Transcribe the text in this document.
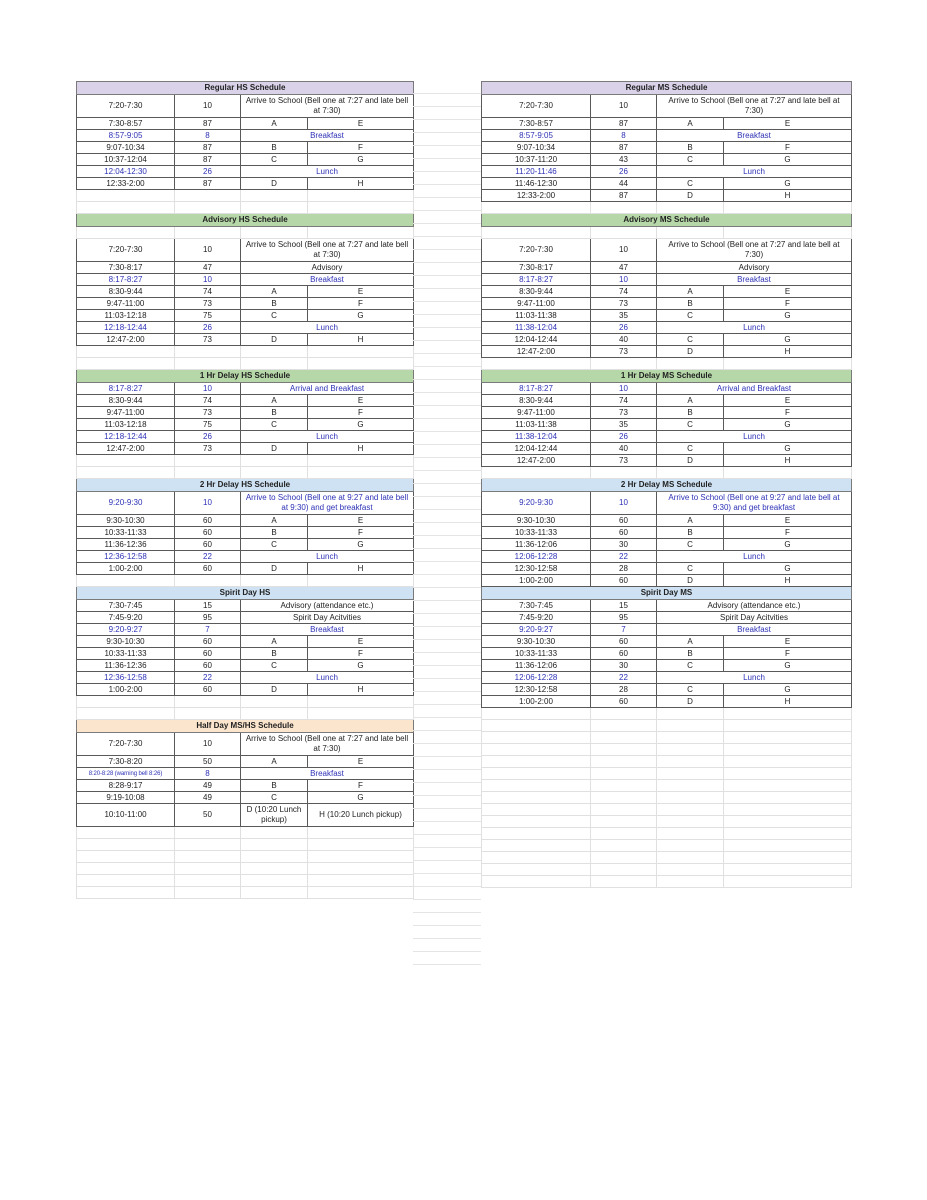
Regular HS Schedule			
7:20-7:30	10	Arrive to School (Bell one at 7:27 and late bell at 7:30)	
7:30-8:57	87	A	E
8:57-9:05	8	Breakfast	
9:07-10:34	87	B	F
10:37-12:04	87	C	G
12:04-12:30	26	Lunch	
12:33-2:00	87	D	H

Advisory HS Schedule			

7:20-7:30	10	Arrive to School (Bell one at 7:27 and late bell at 7:30)	
7:30-8:17	47	Advisory	
8:17-8:27	10	Breakfast	
8:30-9:44	74	A	E
9:47-11:00	73	B	F
11:03-12:18	75	C	G
12:18-12:44	26	Lunch	
12:47-2:00	73	D	H

1 Hr Delay HS Schedule			
8:17-8:27	10	Arrival and Breakfast	
8:30-9:44	74	A	E
9:47-11:00	73	B	F
11:03-12:18	75	C	G
12:18-12:44	26	Lunch	
12:47-2:00	73	D	H

2 Hr Delay HS Schedule			
9:20-9:30	10	Arrive to School (Bell one at 9:27 and late bell at 9:30) and get breakfast	
9:30-10:30	60	A	E
10:33-11:33	60	B	F
11:36-12:36	60	C	G
12:36-12:58	22	Lunch	
1:00-2:00	60	D	H

Spirit Day HS			
7:30-7:45	15	Advisory (attendance etc.)	
7:45-9:20	95	Spirit Day Acitvities	
9:20-9:27	7	Breakfast	
9:30-10:30	60	A	E
10:33-11:33	60	B	F
11:36-12:36	60	C	G
12:36-12:58	22	Lunch	
1:00-2:00	60	D	H

Half Day MS/HS Schedule			
7:20-7:30	10	Arrive to School (Bell one at 7:27 and late bell at 7:30)	
7:30-8:20	50	A	E
8:20-8:28 (warning bell 8:26)	8	Breakfast	
8:28-9:17	49	B	F
9:19-10:08	49	C	G
10:10-11:00	50	D (10:20 Lunch pickup)	H (10:20 Lunch pickup)

Regular MS Schedule			
7:20-7:30	10	Arrive to School (Bell one at 7:27 and late bell at 7:30)	
7:30-8:57	87	A	E
8:57-9:05	8	Breakfast	
9:07-10:34	87	B	F
10:37-11:20	43	C	G
11:20-11:46	26	Lunch	
11:46-12:30	44	C	G
12:33-2:00	87	D	H

Advisory MS Schedule			

7:20-7:30	10	Arrive to School (Bell one at 7:27 and late bell at 7:30)	
7:30-8:17	47	Advisory	
8:17-8:27	10	Breakfast	
8:30-9:44	74	A	E
9:47-11:00	73	B	F
11:03-11:38	35	C	G
11:38-12:04	26	Lunch	
12:04-12:44	40	C	G
12:47-2:00	73	D	H

1 Hr Delay MS Schedule			
8:17-8:27	10	Arrival and Breakfast	
8:30-9:44	74	A	E
9:47-11:00	73	B	F
11:03-11:38	35	C	G
11:38-12:04	26	Lunch	
12:04-12:44	40	C	G
12:47-2:00	73	D	H

2 Hr Delay MS Schedule			
9:20-9:30	10	Arrive to School (Bell one at 9:27 and late bell at 9:30) and get breakfast	
9:30-10:30	60	A	E
10:33-11:33	60	B	F
11:36-12:06	30	C	G
12:06-12:28	22	Lunch	
12:30-12:58	28	C	G
1:00-2:00	60	D	H
Spirit Day MS			
7:30-7:45	15	Advisory (attendance etc.)	
7:45-9:20	95	Spirit Day Acitvities	
9:20-9:27	7	Breakfast	
9:30-10:30	60	A	E
10:33-11:33	60	B	F
11:36-12:06	30	C	G
12:06-12:28	22	Lunch	
12:30-12:58	28	C	G
1:00-2:00	60	D	H
